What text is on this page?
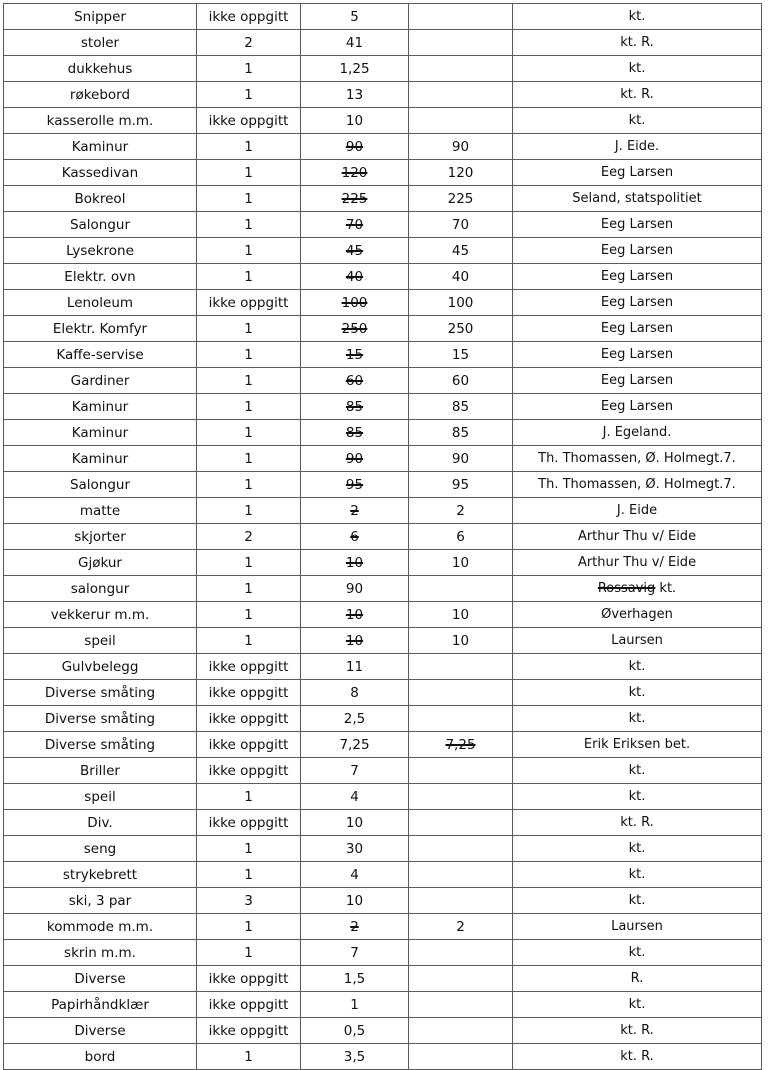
Snipper	ikke oppgitt	5		kt.
stoler	2	41		kt. R.
dukkehus	1	1,25		kt.
røkebord	1	13		kt. R.
kasserolle m.m.	ikke oppgitt	10		kt.
Kaminur	1	90	90	J. Eide.
Kassedivan	1	120	120	Eeg Larsen
Bokreol	1	225	225	Seland, statspolitiet
Salongur	1	70	70	Eeg Larsen
Lysekrone	1	45	45	Eeg Larsen
Elektr. ovn	1	40	40	Eeg Larsen
Lenoleum	ikke oppgitt	100	100	Eeg Larsen
Elektr. Komfyr	1	250	250	Eeg Larsen
Kaffe-servise	1	15	15	Eeg Larsen
Gardiner	1	60	60	Eeg Larsen
Kaminur	1	85	85	Eeg Larsen
Kaminur	1	85	85	J. Egeland.
Kaminur	1	90	90	Th. Thomassen, Ø. Holmegt.7.
Salongur	1	95	95	Th. Thomassen, Ø. Holmegt.7.
matte	1	2	2	J. Eide
skjorter	2	6	6	Arthur Thu v/ Eide
Gjøkur	1	10	10	Arthur Thu v/ Eide
salongur	1	90		Rossavig kt.
vekkerur m.m.	1	10	10	Øverhagen
speil	1	10	10	Laursen
Gulvbelegg	ikke oppgitt	11		kt.
Diverse småting	ikke oppgitt	8		kt.
Diverse småting	ikke oppgitt	2,5		kt.
Diverse småting	ikke oppgitt	7,25	7,25	Erik Eriksen bet.
Briller	ikke oppgitt	7		kt.
speil	1	4		kt.
Div.	ikke oppgitt	10		kt. R.
seng	1	30		kt.
strykebrett	1	4		kt.
ski, 3 par	3	10		kt.
kommode m.m.	1	2	2	Laursen
skrin m.m.	1	7		kt.
Diverse	ikke oppgitt	1,5		R.
Papirhåndklær	ikke oppgitt	1		kt.
Diverse	ikke oppgitt	0,5		kt. R.
bord	1	3,5		kt. R.
